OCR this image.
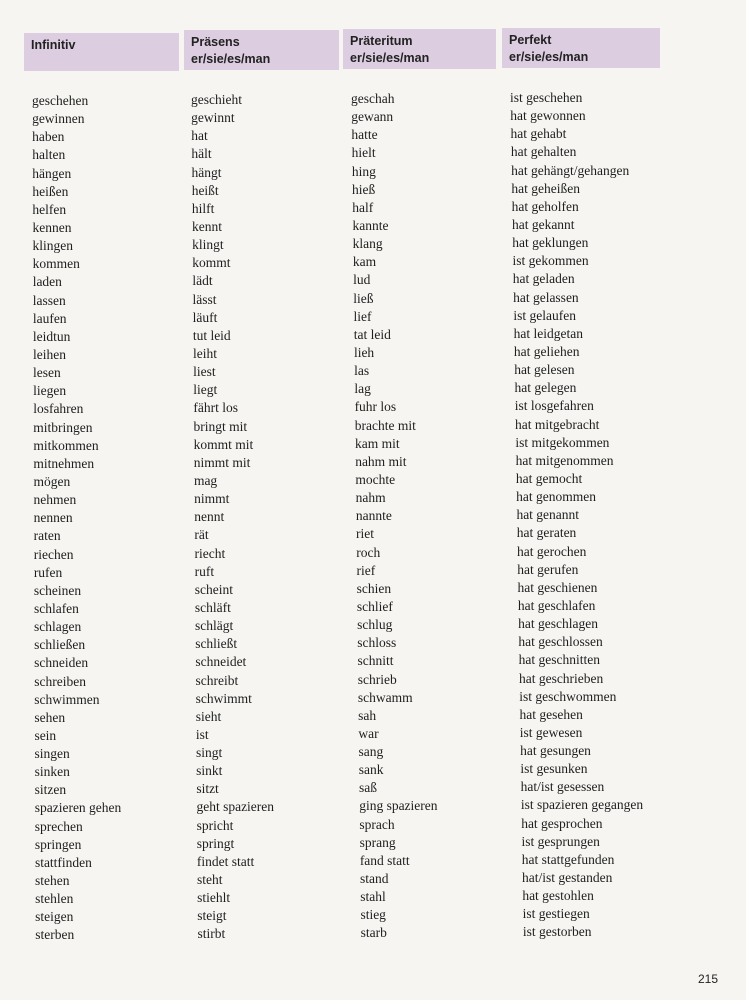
Infinitiv	Präsens
er/sie/es/man
Präteritum
er/sie/es/man
Perfekt
er/sie/es/man
geschehen
gewinnen
haben
halten
hängen
heißen
helfen
kennen
klingen
kommen
laden
lassen
laufen
leidtun
leihen
lesen
liegen
losfahren
mitbringen
mitkommen
mitnehmen
mögen
nehmen
nennen
raten
riechen
rufen
scheinen
schlafen
schlagen
schließen
schneiden
schreiben
schwimmen
sehen
sein
singen
sinken
sitzen
spazieren gehen
sprechen
springen
stattfinden
stehen
stehlen
steigen
sterben
geschieht
gewinnt
hat
hält
hängt
heißt
hilft
kennt
klingt
kommt
lädt
lässt
läuft
tut leid
leiht
liest
liegt
fährt los
bringt mit
kommt mit
nimmt mit
mag
nimmt
nennt
rät
riecht
ruft
scheint
schläft
schlägt
schließt
schneidet
schreibt
schwimmt
sieht
ist
singt
sinkt
sitzt
geht spazieren
spricht
springt
findet statt
steht
stiehlt
steigt
stirbt
geschah
gewann
hatte
hielt
hing
hieß
half
kannte
klang
kam
lud
ließ
lief
tat leid
lieh
las
lag
fuhr los
brachte mit
kam mit
nahm mit
mochte
nahm
nannte
riet
roch
rief
schien
schlief
schlug
schloss
schnitt
schrieb
schwamm
sah
war
sang
sank
saß
ging spazieren
sprach
sprang
fand statt
stand
stahl
stieg
starb
ist geschehen
hat gewonnen
hat gehabt
hat gehalten
hat gehängt/gehangen
hat geheißen
hat geholfen
hat gekannt
hat geklungen
ist gekommen
hat geladen
hat gelassen
ist gelaufen
hat leidgetan
hat geliehen
hat gelesen
hat gelegen
ist losgefahren
hat mitgebracht
ist mitgekommen
hat mitgenommen
hat gemocht
hat genommen
hat genannt
hat geraten
hat gerochen
hat gerufen
hat geschienen
hat geschlafen
hat geschlagen
hat geschlossen
hat geschnitten
hat geschrieben
ist geschwommen
hat gesehen
ist gewesen
hat gesungen
ist gesunken
hat/ist gesessen
ist spazieren gegangen
hat gesprochen
ist gesprungen
hat stattgefunden
hat/ist gestanden
hat gestohlen
ist gestiegen
ist gestorben
215
